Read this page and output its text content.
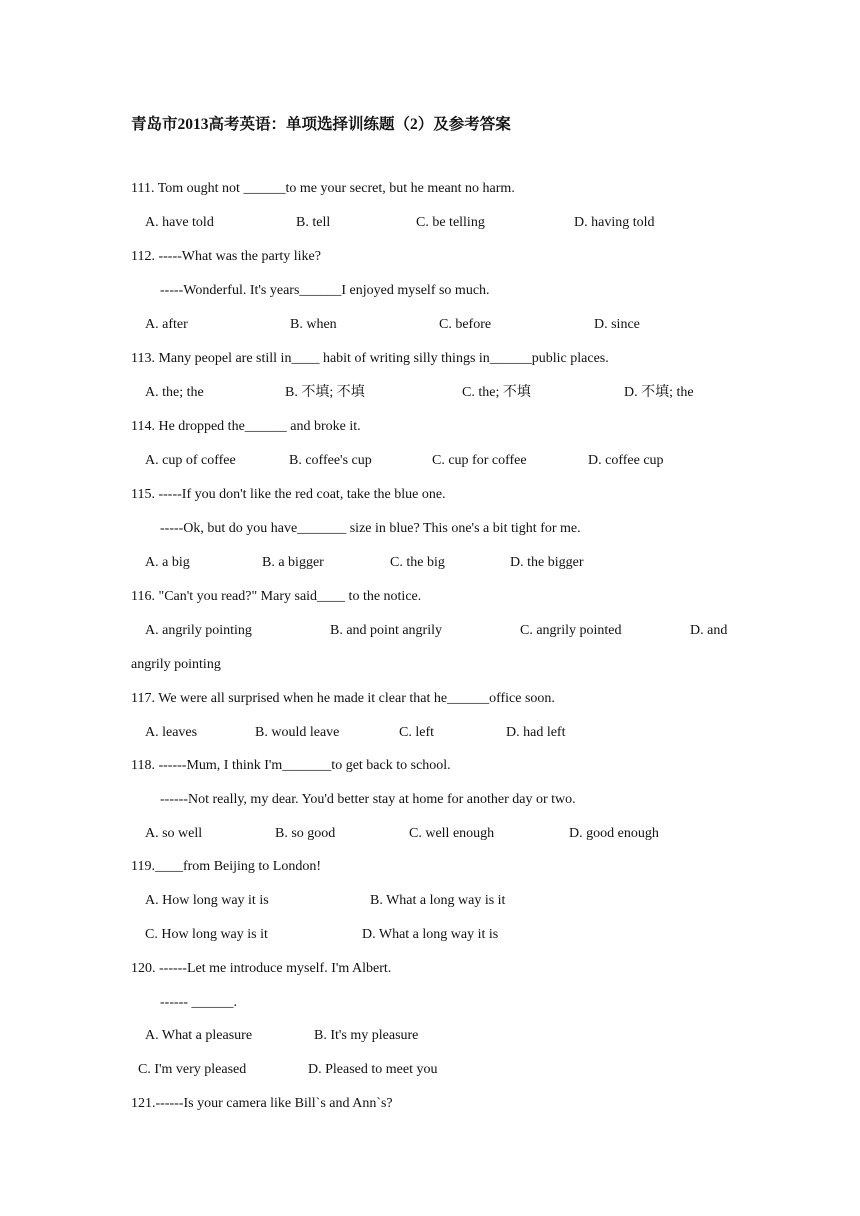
青岛市2013高考英语：单项选择训练题（2）及参考答案
111. Tom ought not ______to me your secret, but he meant no harm.
A. have told	B. tell	C. be telling	D. having told
112. -----What was the party like?
-----Wonderful. It's years______I enjoyed myself so much.
A. after	B. when	C. before	D. since
113. Many peopel are still in____ habit of writing silly things in______public places.
A. the; the	B. 不填; 不填	C. the; 不填	D. 不填; the
114. He dropped the______ and broke it.
A. cup of coffee	B. coffee's cup	C. cup for coffee	D. coffee cup
115. -----If you don't like the red coat, take the blue one.
-----Ok, but do you have_______ size in blue? This one's a bit tight for me.
A. a big	B. a bigger	C. the big	D. the bigger
116. "Can't you read?" Mary said____ to the notice.
A. angrily pointing	B. and point angrily	C. angrily pointed	D. and
angrily pointing
117. We were all surprised when he made it clear that he______office soon.
A. leaves	B. would leave	C. left	D. had left
118. ------Mum, I think I'm_______to get back to school.
------Not really, my dear. You'd better stay at home for another day or two.
A. so well	B. so good	C. well enough	D. good enough
119.____from Beijing to London!
A. How long way it is	B. What a long way is it
C. How long way is it	D. What a long way it is
120. ------Let me introduce myself. I'm Albert.
------ ______.
A. What a pleasure	B. It's my pleasure
C. I'm very pleased	D. Pleased to meet you
121.------Is your camera like Bill`s and Ann`s?
